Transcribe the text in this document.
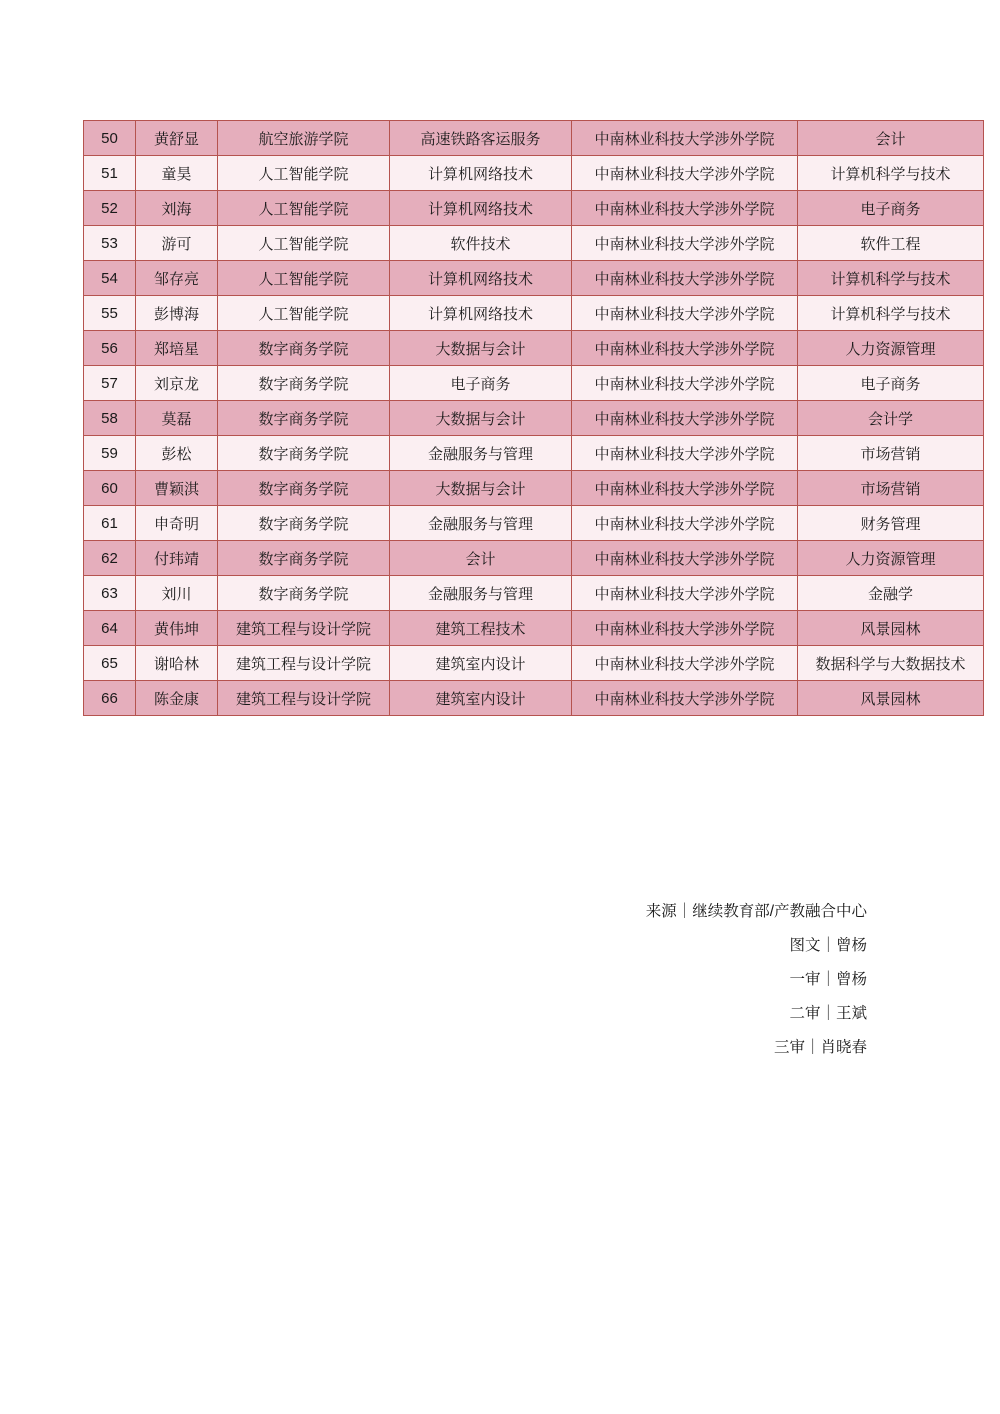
50	黄舒显	航空旅游学院	高速铁路客运服务	中南林业科技大学涉外学院	会计
51	童昊	人工智能学院	计算机网络技术	中南林业科技大学涉外学院	计算机科学与技术
52	刘海	人工智能学院	计算机网络技术	中南林业科技大学涉外学院	电子商务
53	游可	人工智能学院	软件技术	中南林业科技大学涉外学院	软件工程
54	邹存亮	人工智能学院	计算机网络技术	中南林业科技大学涉外学院	计算机科学与技术
55	彭博海	人工智能学院	计算机网络技术	中南林业科技大学涉外学院	计算机科学与技术
56	郑培星	数字商务学院	大数据与会计	中南林业科技大学涉外学院	人力资源管理
57	刘京龙	数字商务学院	电子商务	中南林业科技大学涉外学院	电子商务
58	莫磊	数字商务学院	大数据与会计	中南林业科技大学涉外学院	会计学
59	彭松	数字商务学院	金融服务与管理	中南林业科技大学涉外学院	市场营销
60	曹颖淇	数字商务学院	大数据与会计	中南林业科技大学涉外学院	市场营销
61	申奇明	数字商务学院	金融服务与管理	中南林业科技大学涉外学院	财务管理
62	付玮靖	数字商务学院	会计	中南林业科技大学涉外学院	人力资源管理
63	刘川	数字商务学院	金融服务与管理	中南林业科技大学涉外学院	金融学
64	黄伟坤	建筑工程与设计学院	建筑工程技术	中南林业科技大学涉外学院	风景园林
65	谢哈林	建筑工程与设计学院	建筑室内设计	中南林业科技大学涉外学院	数据科学与大数据技术
66	陈金康	建筑工程与设计学院	建筑室内设计	中南林业科技大学涉外学院	风景园林
来源｜继续教育部/产教融合中心
图文｜曾杨
一审｜曾杨
二审｜王斌
三审｜肖晓春
